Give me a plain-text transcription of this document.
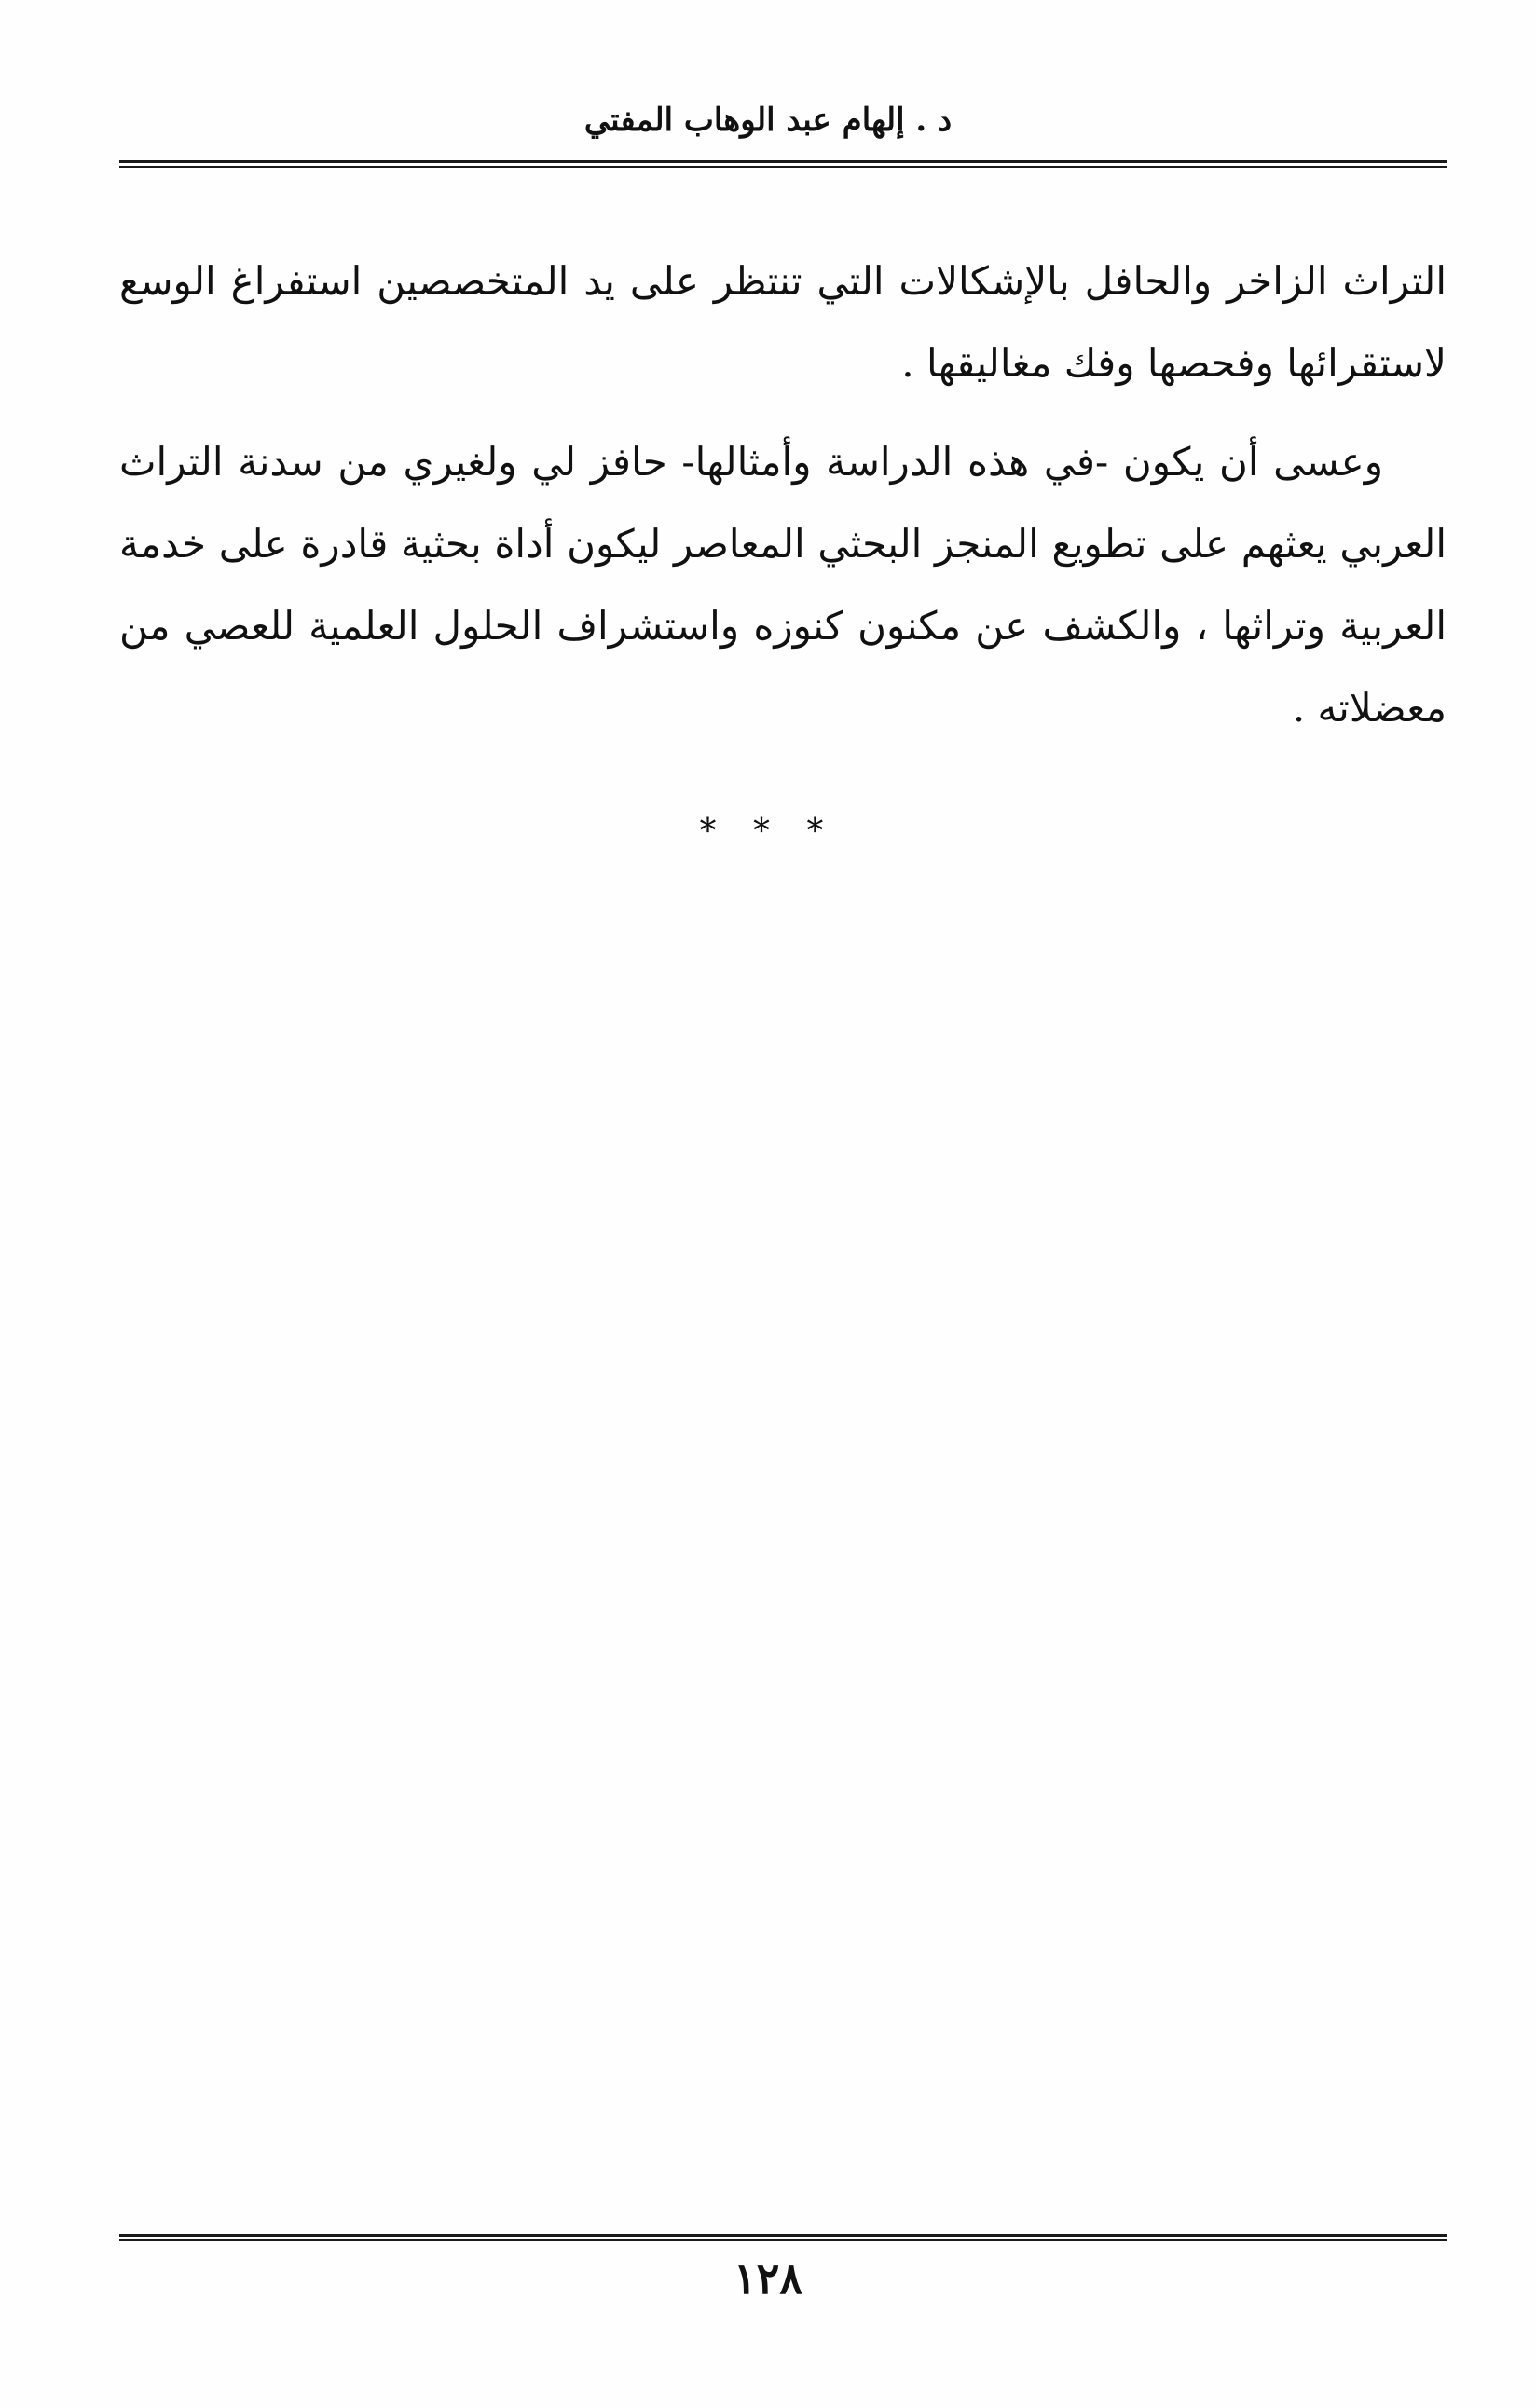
د . إلهام عبد الوهاب المفتي

التراث الزاخر والحافل بالإشكالات التي تنتظر على يد المتخصصين استفراغ الوسع لاستقرائها وفحصها وفك مغاليقها .

وعسى أن يكون -في هذه الدراسة وأمثالها- حافز لي ولغيري من سدنة التراث العربي يعثهم على تطويع المنجز البحثي المعاصر ليكون أداة بحثية قادرة على خدمة العربية وتراثها ، والكشف عن مكنون كنوزه واستشراف الحلول العلمية للعصي من معضلاته .

* * *
١٢٨
